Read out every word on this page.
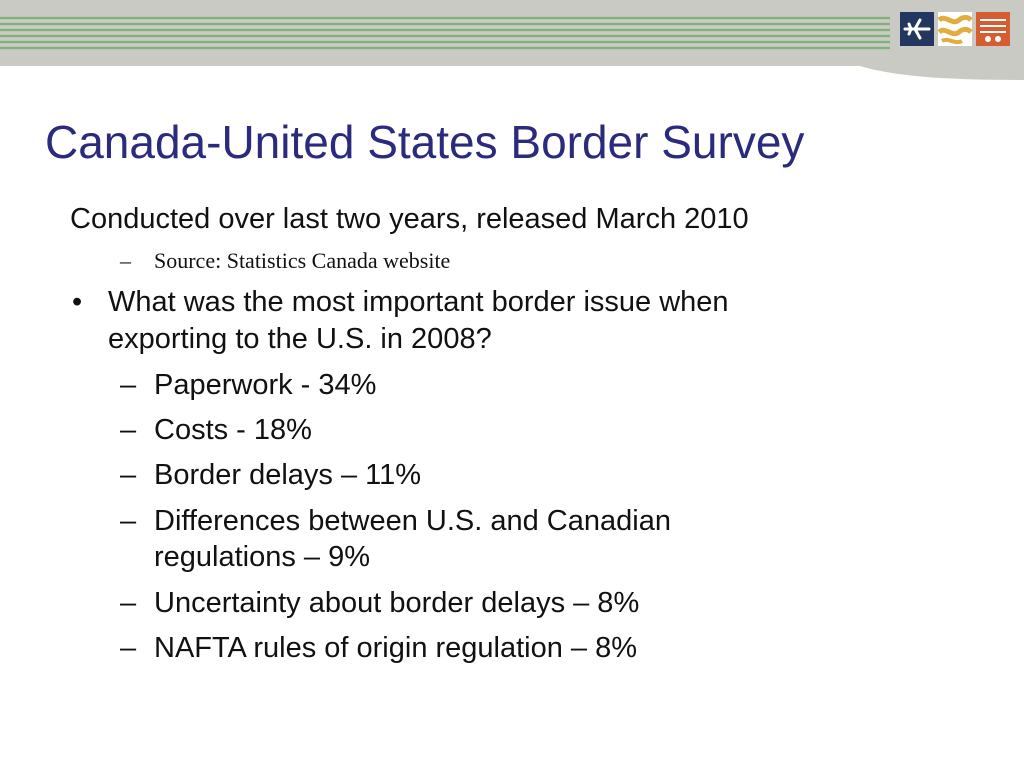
Canada-United States Border Survey
Conducted over last two years, released March 2010
– Source: Statistics Canada website
• What was the most important border issue when
exporting to the U.S. in 2008?
– Paperwork - 34%
– Costs - 18%
– Border delays – 11%
– Differences between U.S. and Canadian
regulations – 9%
– Uncertainty about border delays – 8%
– NAFTA rules of origin regulation – 8%
